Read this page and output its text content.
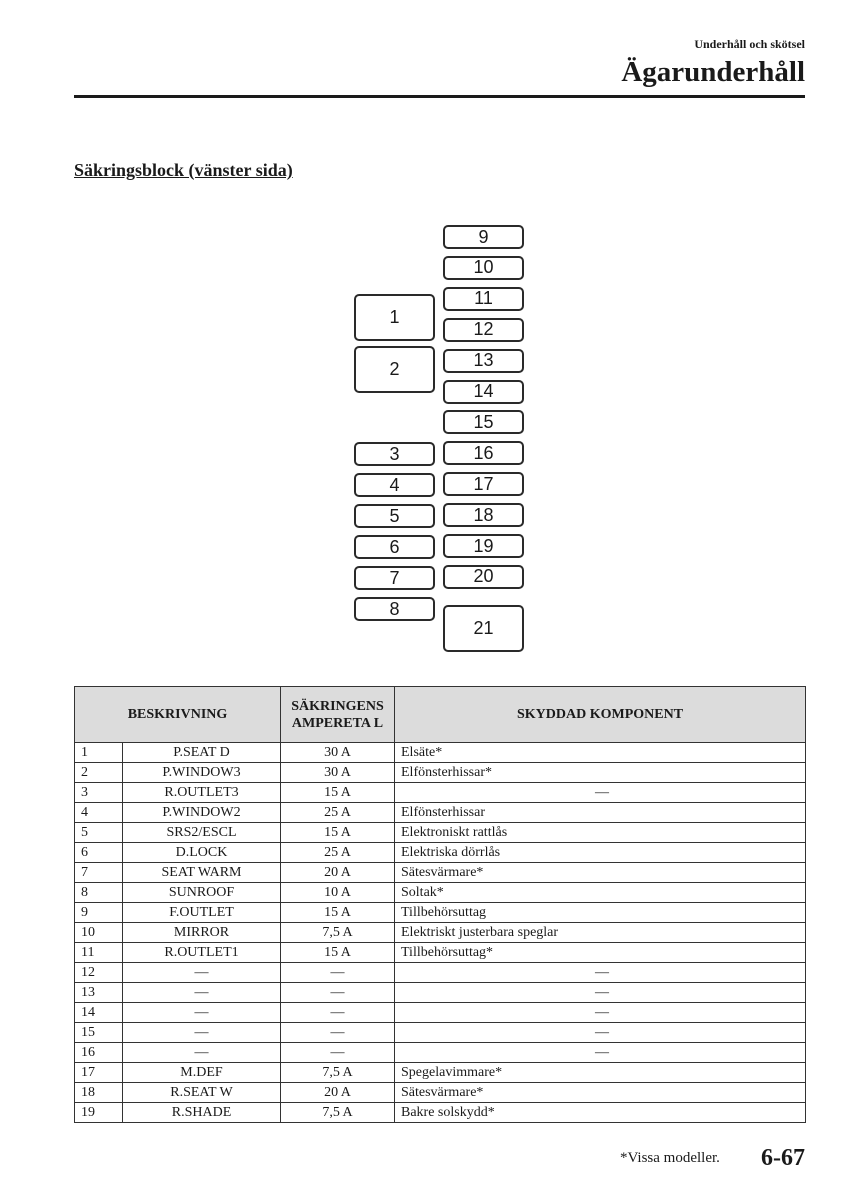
Underhåll och skötsel
Ägarunderhåll
Säkringsblock (vänster sida)
1
2
3
4
5
6
7
8
9
10
11
12
13
14
15
16
17
18
19
20
21
BESKRIVNING		SÄKRINGENS AMPERETA L	SKYDDAD KOMPONENT
1	P.SEAT D	30 A	Elsäte*
2	P.WINDOW3	30 A	Elfönsterhissar*
3	R.OUTLET3	15 A	—
4	P.WINDOW2	25 A	Elfönsterhissar
5	SRS2/ESCL	15 A	Elektroniskt rattlås
6	D.LOCK	25 A	Elektriska dörrlås
7	SEAT WARM	20 A	Sätesvärmare*
8	SUNROOF	10 A	Soltak*
9	F.OUTLET	15 A	Tillbehörsuttag
10	MIRROR	7,5 A	Elektriskt justerbara speglar
11	R.OUTLET1	15 A	Tillbehörsuttag*
12	—	—	—
13	—	—	—
14	—	—	—
15	—	—	—
16	—	—	—
17	M.DEF	7,5 A	Spegelavimmare*
18	R.SEAT W	20 A	Sätesvärmare*
19	R.SHADE	7,5 A	Bakre solskydd*
*Vissa modeller. 6-67
